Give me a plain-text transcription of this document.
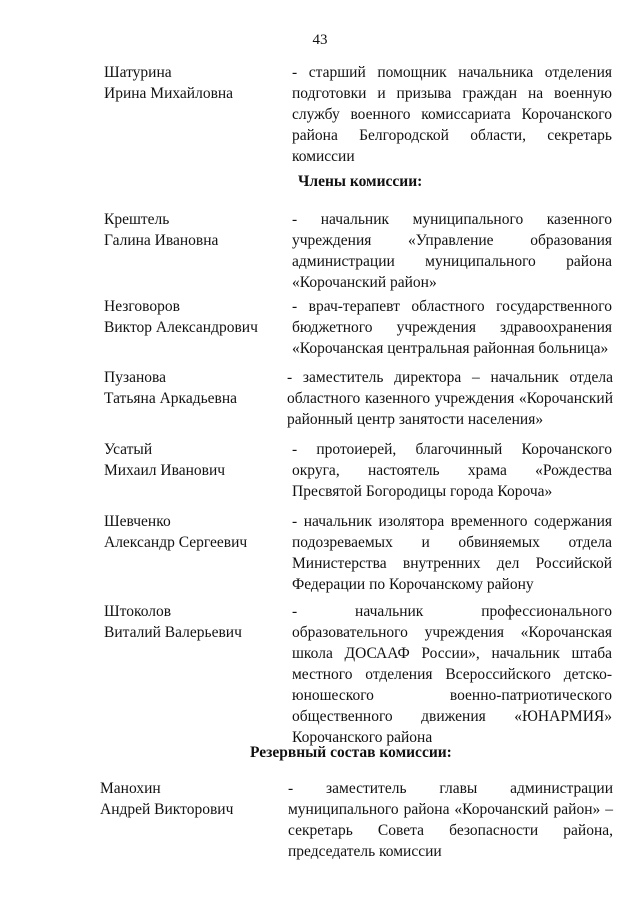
43
Шатурина
Ирина Михайловна
- старший помощник начальника отделения подготовки и призыва граждан на военную службу военного комиссариата Корочанского района Белгородской области, секретарь комиссии
Члены комиссии:
Крештель
Галина Ивановна
- начальник муниципального казенного учреждения «Управление образования администрации муниципального района «Корочанский район»
Незговоров
Виктор Александрович
- врач-терапевт областного государственного бюджетного учреждения здравоохранения «Корочанская центральная районная больница»
Пузанова
Татьяна Аркадьевна
- заместитель директора – начальник отдела областного казенного учреждения «Корочанский районный центр занятости населения»
Усатый
Михаил Иванович
- протоиерей, благочинный Корочанского округа, настоятель храма «Рождества Пресвятой Богородицы города Короча»
Шевченко
Александр Сергеевич
- начальник изолятора временного содержания подозреваемых и обвиняемых отдела Министерства внутренних дел Российской Федерации по Корочанскому району
Штоколов
Виталий Валерьевич
- начальник профессионального образовательного учреждения «Корочанская школа ДОСААФ России», начальник штаба местного отделения Всероссийского детско-юношеского военно-патриотического общественного движения «ЮНАРМИЯ» Корочанского района
Резервный состав комиссии:
Манохин
Андрей Викторович
- заместитель главы администрации муниципального района «Корочанский район» – секретарь Совета безопасности района, председатель комиссии
